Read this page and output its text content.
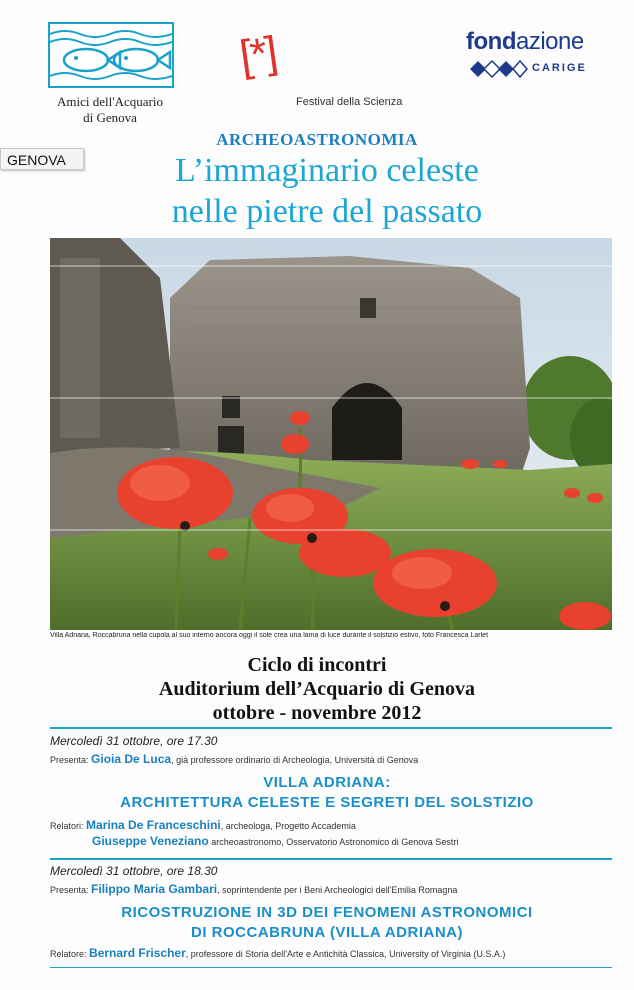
Amici dell'Acquario
di Genova
[*]
Festival della Scienza
fondazione
CARIGE
ARCHEOASTRONOMIA
GENOVA	L’immaginario celeste
nelle pietre del passato
Villa Adriana, Roccabruna nella cupola al suo interno ancora oggi il sole crea una lama di luce durante il solstizio estivo, foto Francesca Larlet
Ciclo di incontri
Auditorium dell’Acquario di Genova
ottobre - novembre 2012
Mercoledì 31 ottobre, ore 17.30
Presenta: Gioia De Luca, già professore ordinario di Archeologia, Università di Genova
VILLA ADRIANA:
ARCHITETTURA CELESTE E SEGRETI DEL SOLSTIZIO
Relatori: Marina De Franceschini, archeologa, Progetto Accademia
Giuseppe Veneziano archeoastronomo, Osservatorio Astronomico di Genova Sestri
Mercoledì 31 ottobre, ore 18.30
Presenta: Filippo Maria Gambari, soprintendente per i Beni Archeologici dell'Emilia Romagna
RICOSTRUZIONE IN 3D DEI FENOMENI ASTRONOMICI
DI ROCCABRUNA (VILLA ADRIANA)
Relatore: Bernard Frischer, professore di Storia dell'Arte e Antichità Classica, University of Virginia (U.S.A.)
